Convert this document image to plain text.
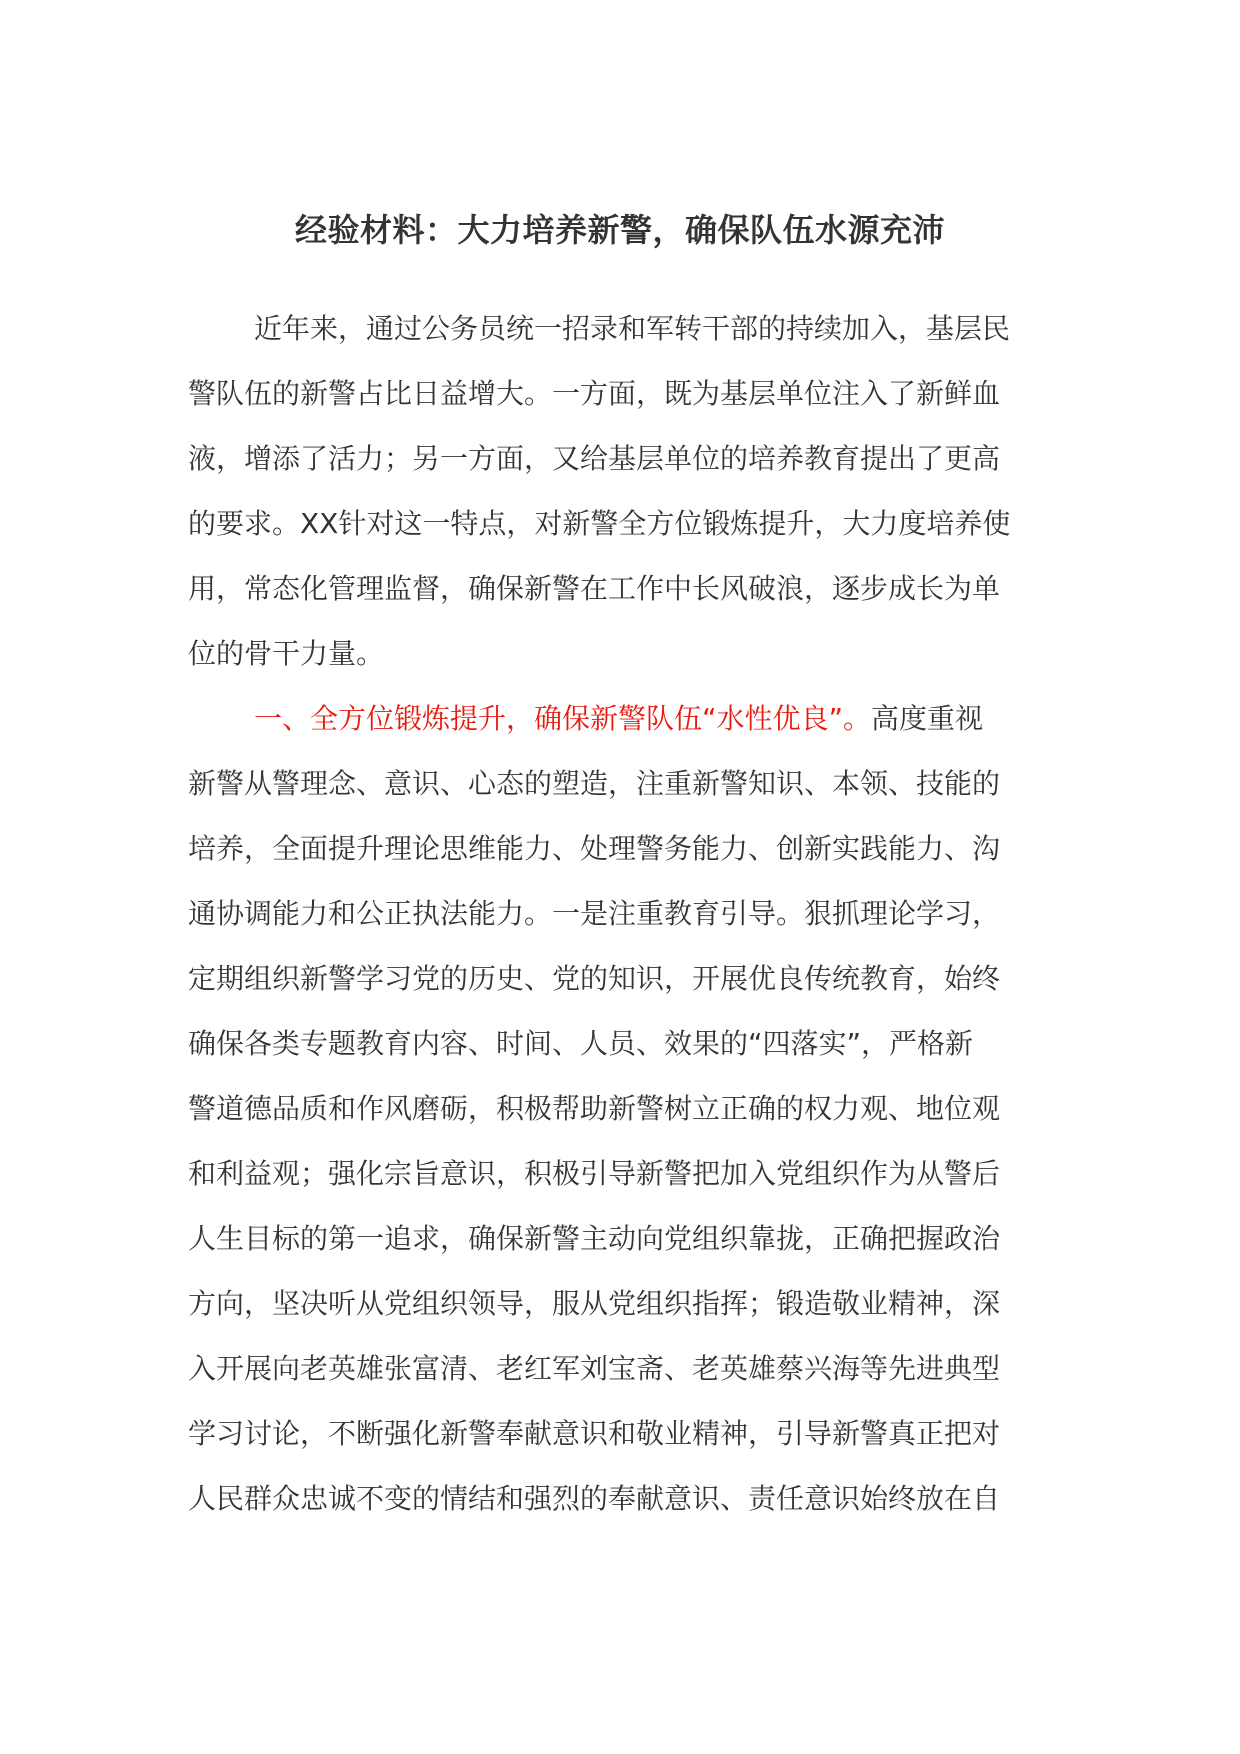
经验材料：大力培养新警，确保队伍水源充沛
近年来，通过公务员统一招录和军转干部的持续加入，基层民
警队伍的新警占比日益增大。一方面，既为基层单位注入了新鲜血
液，增添了活力；另一方面，又给基层单位的培养教育提出了更高
的要求。XX针对这一特点，对新警全方位锻炼提升，大力度培养使
用，常态化管理监督，确保新警在工作中长风破浪，逐步成长为单
位的骨干力量。
一、全方位锻炼提升，确保新警队伍“水性优良”。高度重视
新警从警理念、意识、心态的塑造，注重新警知识、本领、技能的
培养，全面提升理论思维能力、处理警务能力、创新实践能力、沟
通协调能力和公正执法能力。一是注重教育引导。狠抓理论学习，
定期组织新警学习党的历史、党的知识，开展优良传统教育，始终
确保各类专题教育内容、时间、人员、效果的“四落实”，严格新
警道德品质和作风磨砺，积极帮助新警树立正确的权力观、地位观
和利益观；强化宗旨意识，积极引导新警把加入党组织作为从警后
人生目标的第一追求，确保新警主动向党组织靠拢，正确把握政治
方向，坚决听从党组织领导，服从党组织指挥；锻造敬业精神，深
入开展向老英雄张富清、老红军刘宝斋、老英雄蔡兴海等先进典型
学习讨论，不断强化新警奉献意识和敬业精神，引导新警真正把对
人民群众忠诚不变的情结和强烈的奉献意识、责任意识始终放在自
